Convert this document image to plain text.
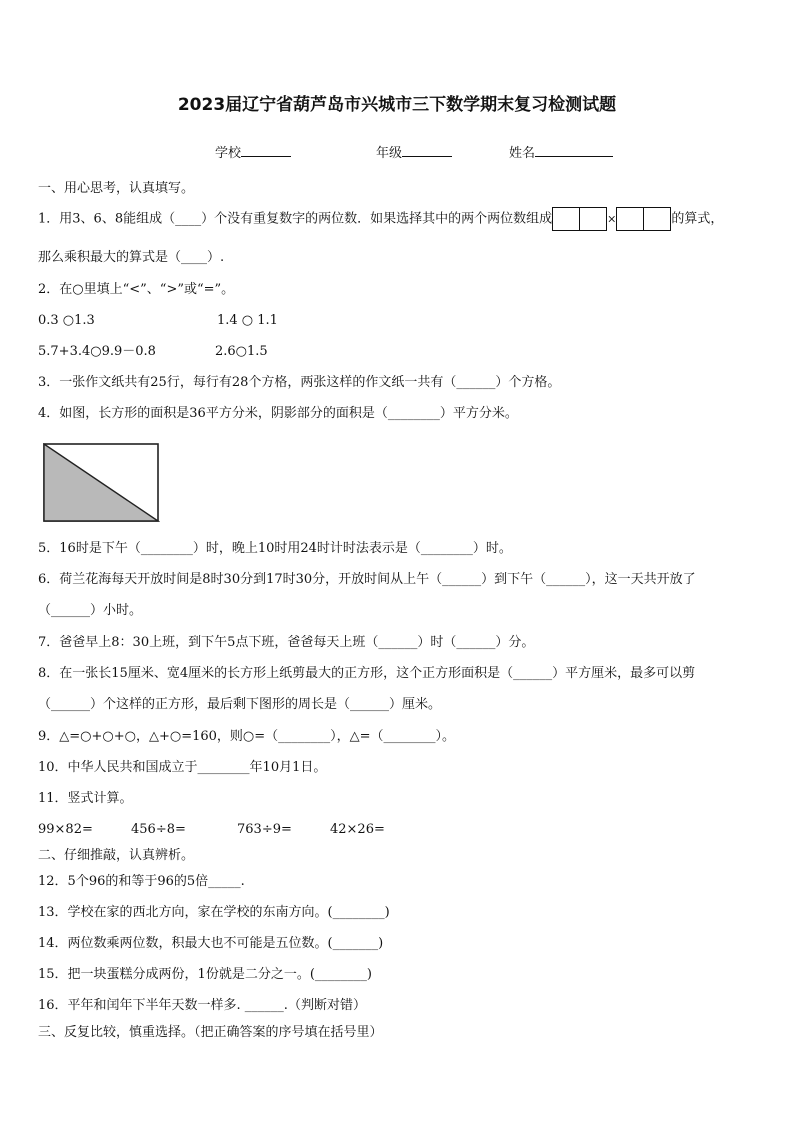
2023届辽宁省葫芦岛市兴城市三下数学期末复习检测试题
学校	年级	姓名
一、用心思考，认真填写。
1．用3、6、8能组成（____）个没有重复数字的两位数．如果选择其中的两个两位数组成	×	的算式，
那么乘积最大的算式是（____）.
2．在○里填上“<”、“>”或“=”。
0.3 ○1.3	1.4 ○ 1.1
5.7+3.4○9.9－0.8	2.6○1.5
3．一张作文纸共有25行，每行有28个方格，两张这样的作文纸一共有（______）个方格。
4．如图，长方形的面积是36平方分米，阴影部分的面积是（________）平方分米。
5．16时是下午（________）时，晚上10时用24时计时法表示是（________）时。
6．荷兰花海每天开放时间是8时30分到17时30分，开放时间从上午（______）到下午（______），这一天共开放了
（______）小时。
7．爸爸早上8：30上班，到下午5点下班，爸爸每天上班（______）时（______）分。
8．在一张长15厘米、宽4厘米的长方形上纸剪最大的正方形，这个正方形面积是（______）平方厘米，最多可以剪
（______）个这样的正方形，最后剩下图形的周长是（______）厘米。
9．△=○+○+○，△+○=160，则○=（________），△=（________）。
10．中华人民共和国成立于________年10月1日。
11．竖式计算。
99×82=	456÷8=	763÷9=	42×26=
二、仔细推敲，认真辨析。
12．5个96的和等于96的5倍_____.
13．学校在家的西北方向，家在学校的东南方向。(________)
14．两位数乘两位数，积最大也不可能是五位数。(_______)
15．把一块蛋糕分成两份，1份就是二分之一。(________)
16．平年和闰年下半年天数一样多. ______.（判断对错）
三、反复比较，慎重选择。（把正确答案的序号填在括号里）
